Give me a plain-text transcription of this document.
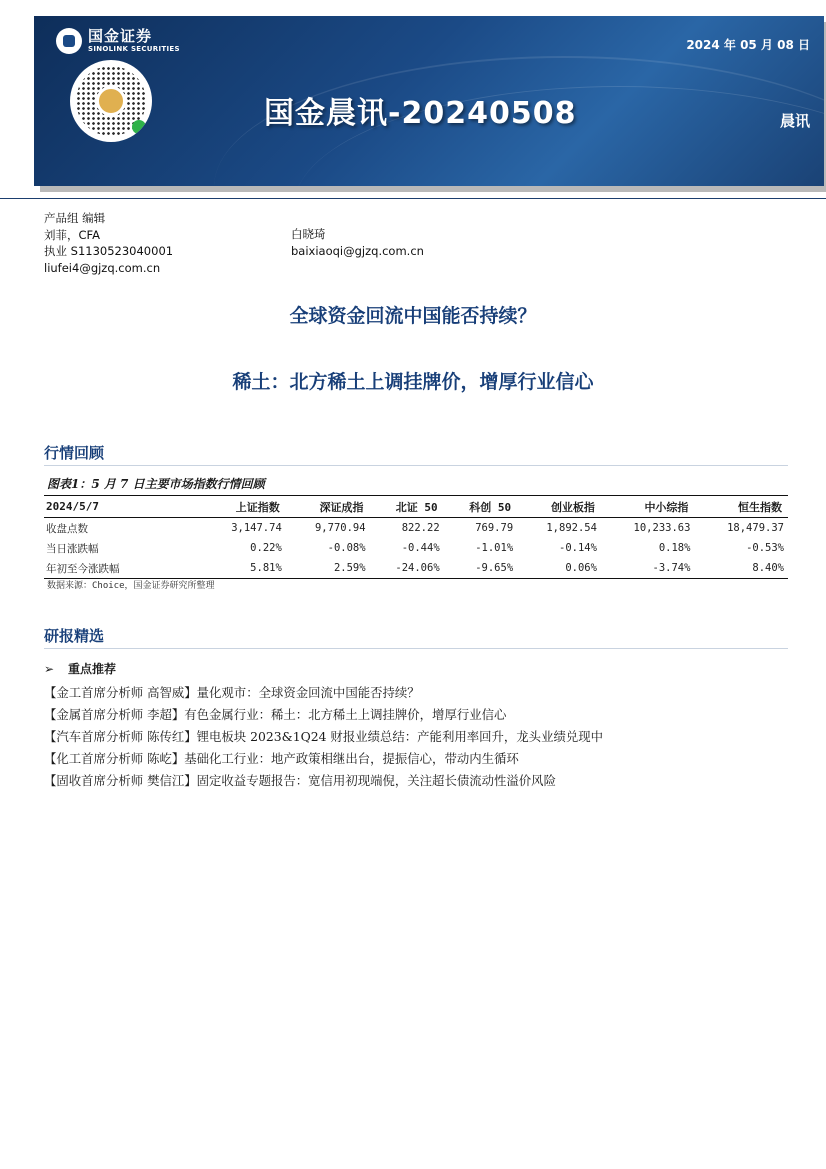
国金证券
SINOLINK SECURITIES
国金晨讯-20240508
2024 年 05 月 08 日
晨讯
产品组 编辑
刘菲，CFA
执业 S1130523040001
liufei4@gjzq.com.cn
白晓琦
baixiaoqi@gjzq.com.cn
全球资金回流中国能否持续？
稀土：北方稀土上调挂牌价，增厚行业信心
行情回顾
图表1：5 月 7 日主要市场指数行情回顾
2024/5/7	上证指数	深证成指	北证 50	科创 50	创业板指	中小综指	恒生指数
收盘点数	3,147.74	9,770.94	822.22	769.79	1,892.54	10,233.63	18,479.37
当日涨跌幅	0.22%	-0.08%	-0.44%	-1.01%	-0.14%	0.18%	-0.53%
年初至今涨跌幅	5.81%	2.59%	-24.06%	-9.65%	0.06%	-3.74%	8.40%
数据来源：Choice，国金证券研究所整理
研报精选
➢ 重点推荐
【金工首席分析师 高智威】量化观市：全球资金回流中国能否持续？
【金属首席分析师 李超】有色金属行业：稀土：北方稀土上调挂牌价，增厚行业信心
【汽车首席分析师 陈传红】锂电板块 2023&1Q24 财报业绩总结：产能利用率回升，龙头业绩兑现中
【化工首席分析师 陈屹】基础化工行业：地产政策相继出台，提振信心，带动内生循环
【固收首席分析师 樊信江】固定收益专题报告：宽信用初现端倪，关注超长债流动性溢价风险
